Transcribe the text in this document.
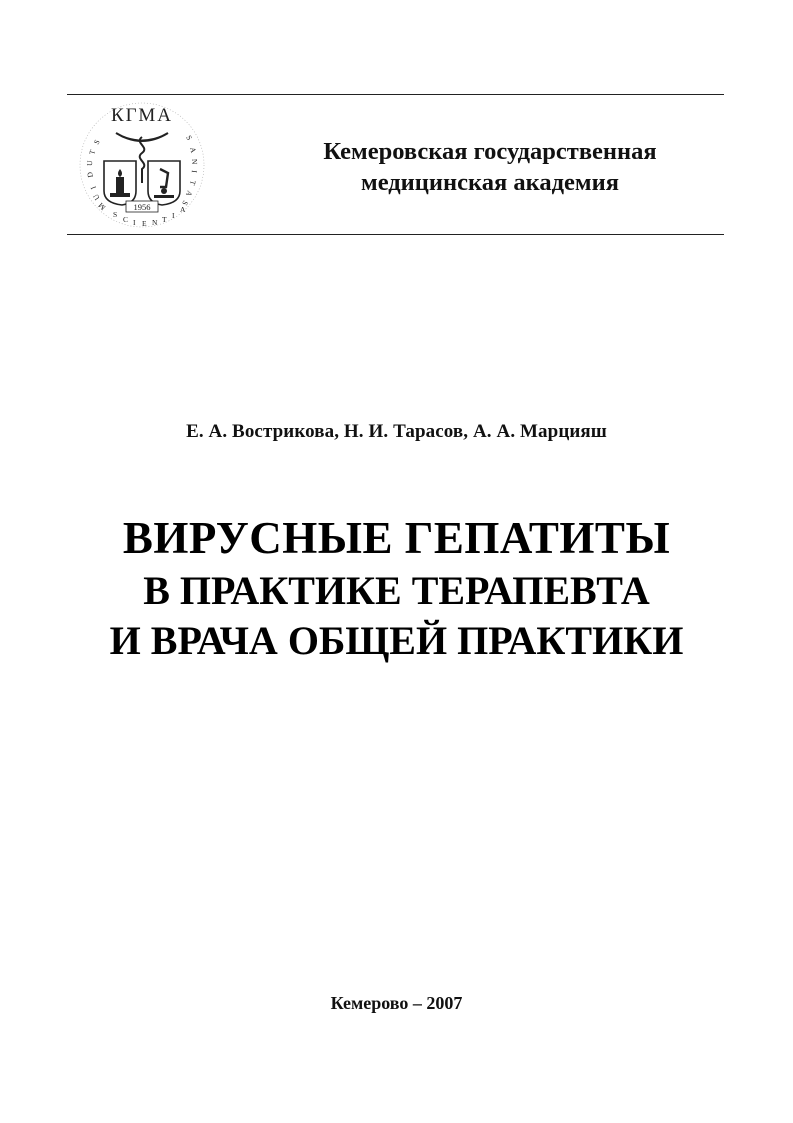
КГМА
S
T
U
D
I
U
M
S
C I E N T I
A
S
A
N
I
T
A
S
1956
Кемеровская государственная
медицинская академия
Е. А. Вострикова, Н. И. Тарасов, А. А. Марцияш
ВИРУСНЫЕ ГЕПАТИТЫ
В ПРАКТИКЕ ТЕРАПЕВТА
И ВРАЧА ОБЩЕЙ ПРАКТИКИ
Кемерово – 2007
